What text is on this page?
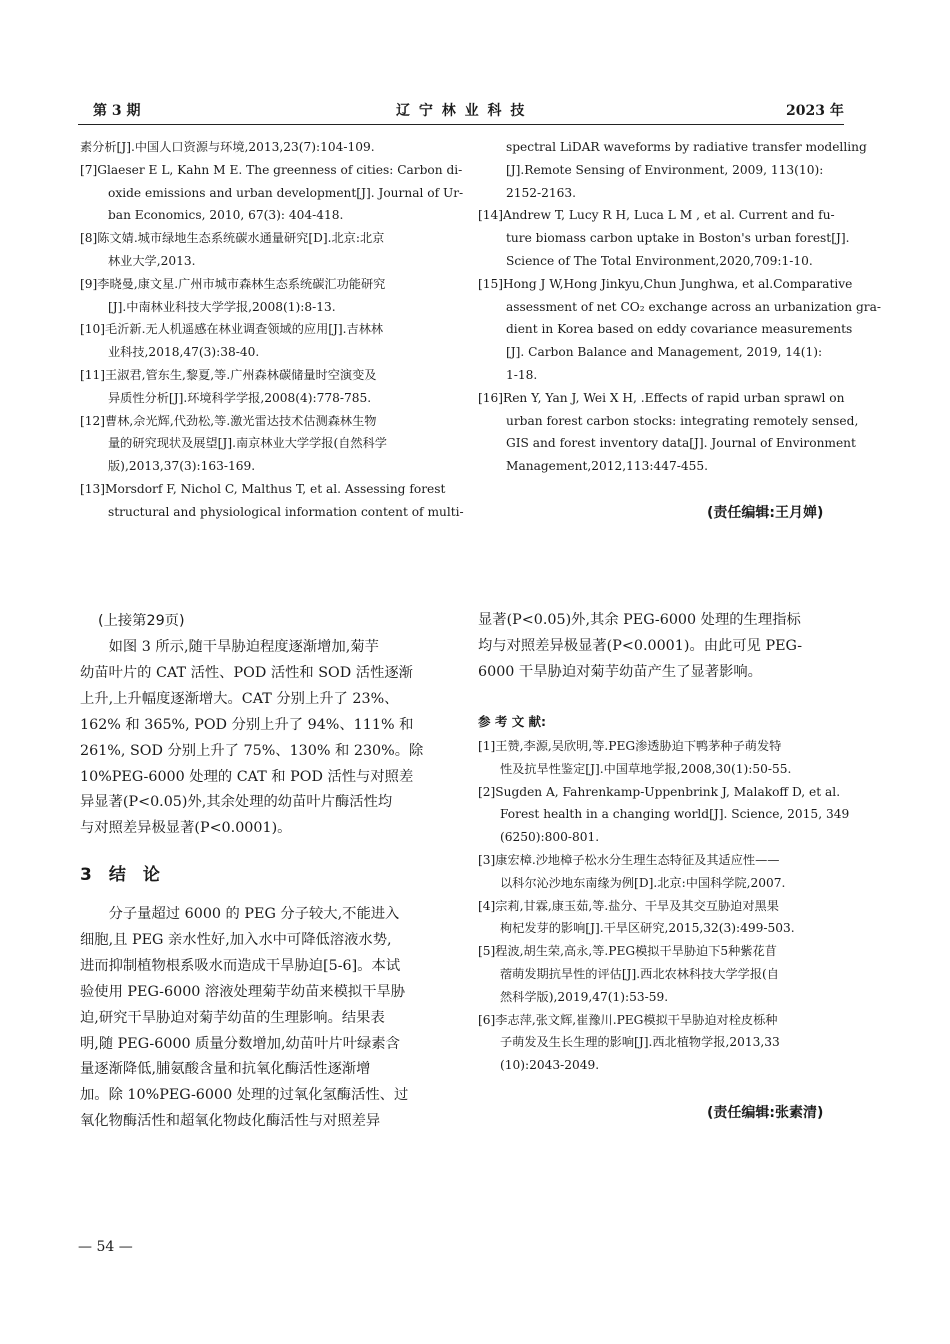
第 3 期	辽 宁 林 业 科 技	2023 年
素分析[J].中国人口资源与环境,2013,23(7):104-109.
[7]Glaeser E L, Kahn M E. The greenness of cities: Carbon di-
oxide emissions and urban development[J]. Journal of Ur-
ban Economics, 2010, 67(3): 404-418.
[8]陈文婧.城市绿地生态系统碳水通量研究[D].北京:北京
林业大学,2013.
[9]李晓曼,康文星.广州市城市森林生态系统碳汇功能研究
[J].中南林业科技大学学报,2008(1):8-13.
[10]毛沂新.无人机遥感在林业调查领域的应用[J].吉林林
业科技,2018,47(3):38-40.
[11]王淑君,管东生,黎夏,等.广州森林碳储量时空演变及
异质性分析[J].环境科学学报,2008(4):778-785.
[12]曹林,佘光辉,代劲松,等.激光雷达技术估测森林生物
量的研究现状及展望[J].南京林业大学学报(自然科学
版),2013,37(3):163-169.
[13]Morsdorf F, Nichol C, Malthus T, et al. Assessing forest
structural and physiological information content of multi-
spectral LiDAR waveforms by radiative transfer modelling
[J].Remote Sensing of Environment, 2009, 113(10):
2152-2163.
[14]Andrew T, Lucy R H, Luca L M , et al. Current and fu-
ture biomass carbon uptake in Boston's urban forest[J].
Science of The Total Environment,2020,709:1-10.
[15]Hong J W,Hong Jinkyu,Chun Junghwa, et al.Comparative
assessment of net CO₂ exchange across an urbanization gra-
dient in Korea based on eddy covariance measurements
[J]. Carbon Balance and Management, 2019, 14(1):
1-18.
[16]Ren Y, Yan J, Wei X H, .Effects of rapid urban sprawl on
urban forest carbon stocks: integrating remotely sensed,
GIS and forest inventory data[J]. Journal of Environment
Management,2012,113:447-455.
(责任编辑:王月婵)
(上接第29页)
　　如图 3 所示,随干旱胁迫程度逐渐增加,菊芋
幼苗叶片的 CAT 活性、POD 活性和 SOD 活性逐渐
上升,上升幅度逐渐增大。CAT 分别上升了 23%、
162% 和 365%, POD 分别上升了 94%、111% 和
261%, SOD 分别上升了 75%、130% 和 230%。除
10%PEG-6000 处理的 CAT 和 POD 活性与对照差
异显著(P<0.05)外,其余处理的幼苗叶片酶活性均
与对照差异极显著(P<0.0001)。
3　结　论
　　分子量超过 6000 的 PEG 分子较大,不能进入
细胞,且 PEG 亲水性好,加入水中可降低溶液水势,
进而抑制植物根系吸水而造成干旱胁迫[5-6]。本试
验使用 PEG-6000 溶液处理菊芋幼苗来模拟干旱胁
迫,研究干旱胁迫对菊芋幼苗的生理影响。结果表
明,随 PEG-6000 质量分数增加,幼苗叶片叶绿素含
量逐渐降低,脯氨酸含量和抗氧化酶活性逐渐增
加。除 10%PEG-6000 处理的过氧化氢酶活性、过
氧化物酶活性和超氧化物歧化酶活性与对照差异
显著(P<0.05)外,其余 PEG-6000 处理的生理指标
均与对照差异极显著(P<0.0001)。由此可见 PEG-
6000 干旱胁迫对菊芋幼苗产生了显著影响。
参 考 文 献:
[1]王赞,李源,吴欣明,等.PEG渗透胁迫下鸭茅种子萌发特
性及抗旱性鉴定[J].中国草地学报,2008,30(1):50-55.
[2]Sugden A, Fahrenkamp-Uppenbrink J, Malakoff D, et al.
Forest health in a changing world[J]. Science, 2015, 349
(6250):800-801.
[3]康宏樟.沙地樟子松水分生理生态特征及其适应性——
以科尔沁沙地东南缘为例[D].北京:中国科学院,2007.
[4]宗莉,甘霖,康玉茹,等.盐分、干旱及其交互胁迫对黑果
枸杞发芽的影响[J].干旱区研究,2015,32(3):499-503.
[5]程波,胡生荣,高永,等.PEG模拟干旱胁迫下5种紫花苜
蓿萌发期抗旱性的评估[J].西北农林科技大学学报(自
然科学版),2019,47(1):53-59.
[6]李志萍,张文辉,崔豫川.PEG模拟干旱胁迫对栓皮栎种
子萌发及生长生理的影响[J].西北植物学报,2013,33
(10):2043-2049.
(责任编辑:张素清)
— 54 —
